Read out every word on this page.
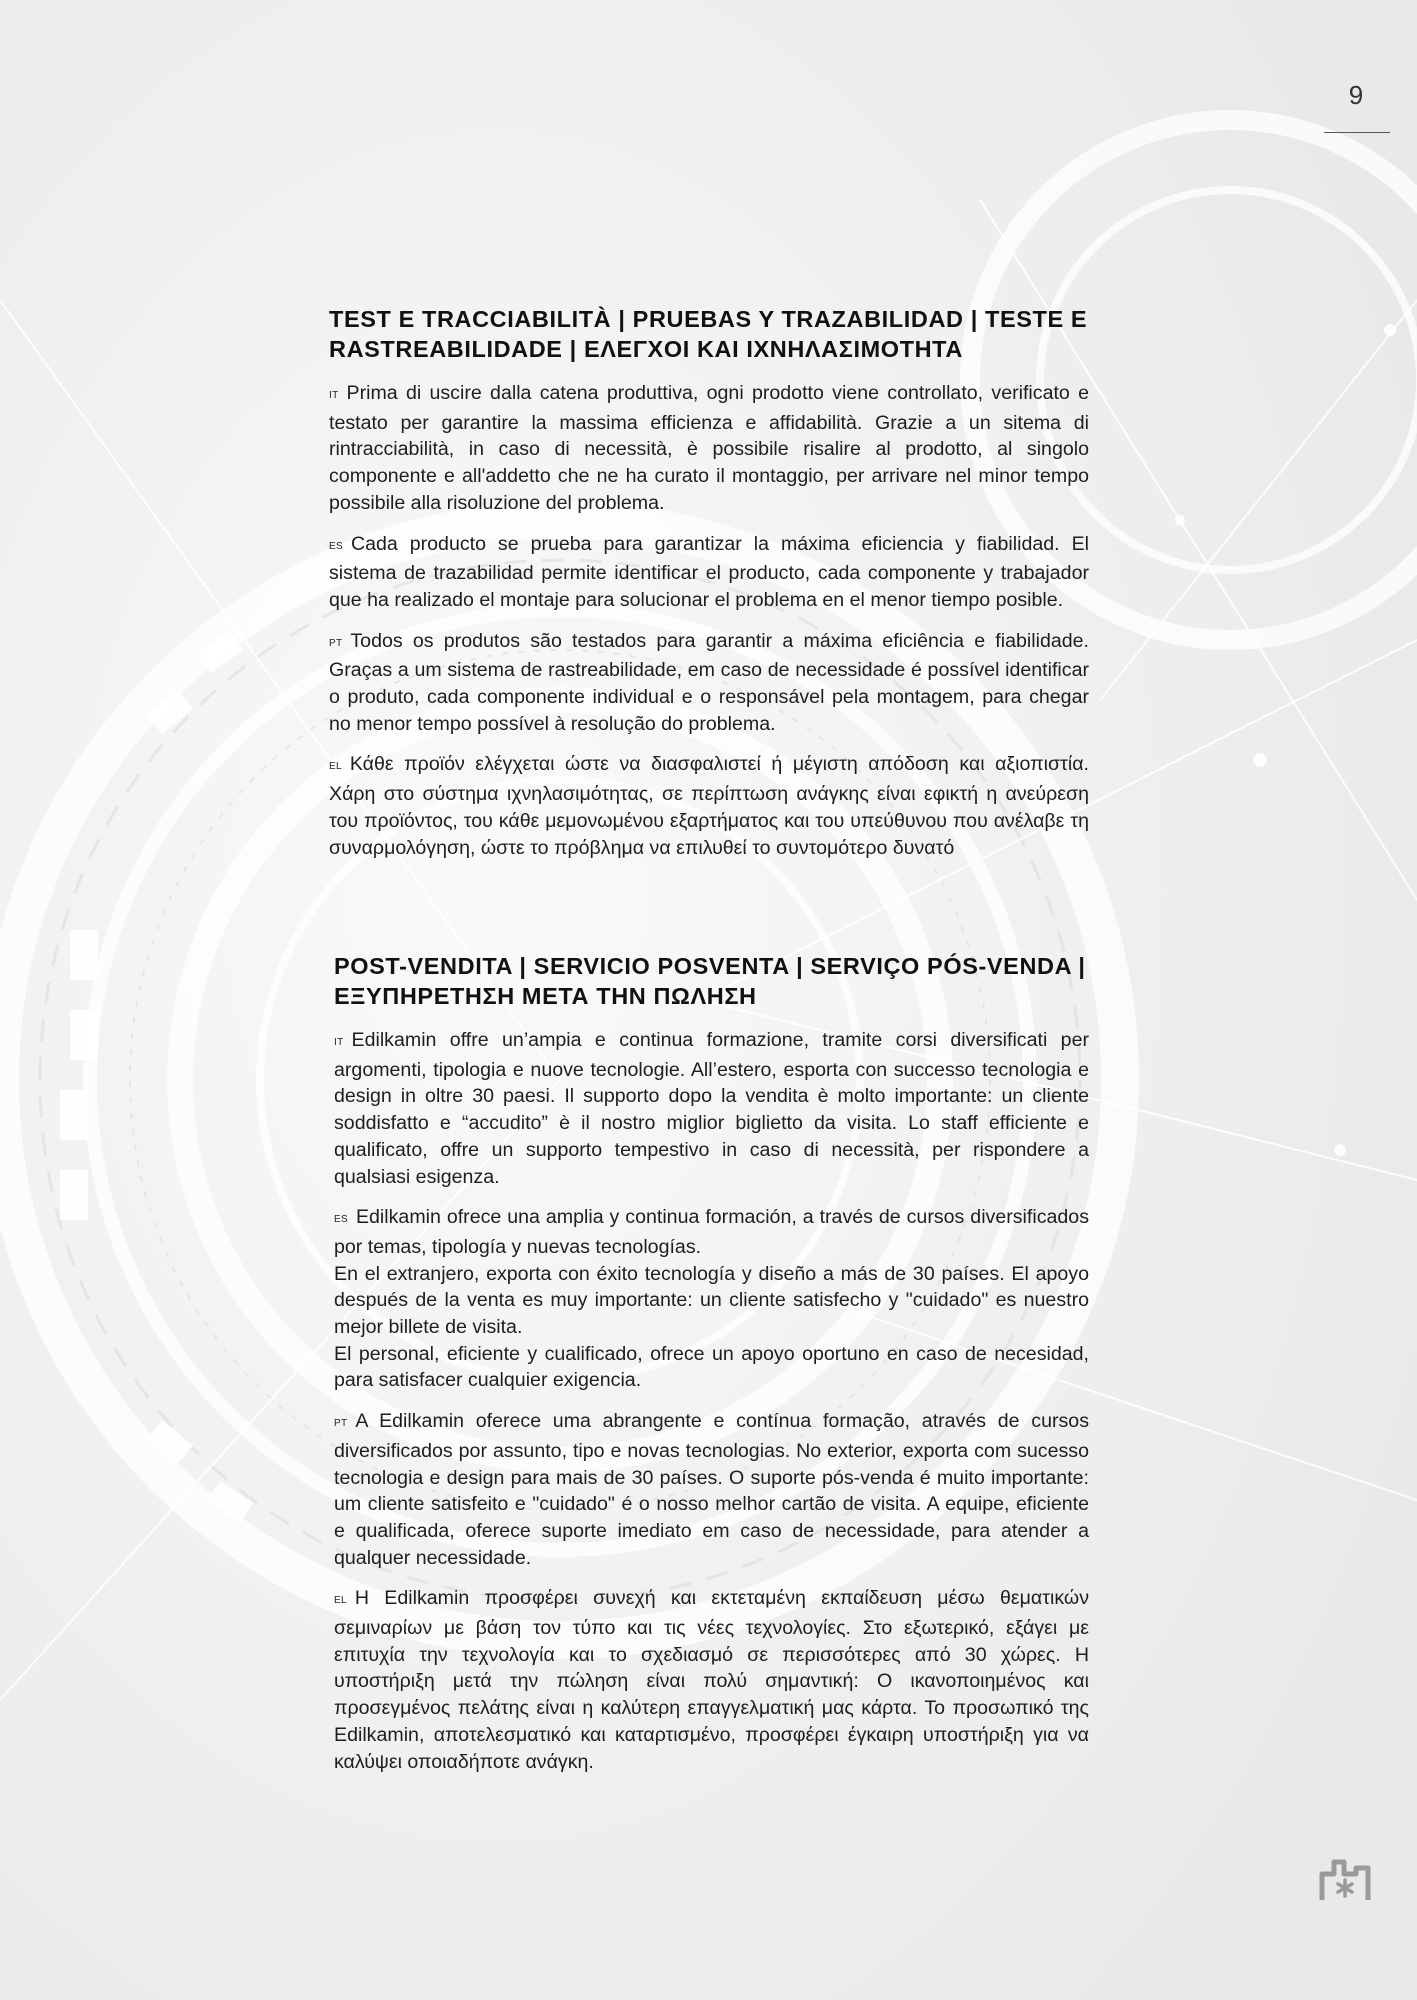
9
TEST E TRACCIABILITÀ | PRUEBAS Y TRAZABILIDAD | TESTE E RASTREABILIDADE | ΕΛΕΓΧΟΙ ΚΑΙ ΙΧΝΗΛΑΣΙΜΟΤΗΤΑ

IT Prima di uscire dalla catena produttiva, ogni prodotto viene controllato, verificato e testato per garantire la massima efficienza e affidabilità. Grazie a un sitema di rintracciabilità, in caso di necessità, è possibile risalire al prodotto, al singolo componente e all'addetto che ne ha curato il montaggio, per arrivare nel minor tempo possibile alla risoluzione del problema.

ES Cada producto se prueba para garantizar la máxima eficiencia y fiabilidad. El sistema de trazabilidad permite identificar el producto, cada componente y trabajador que ha realizado el montaje para solucionar el problema en el menor tiempo posible.

PT Todos os produtos são testados para garantir a máxima eficiência e fiabilidade. Graças a um sistema de rastreabilidade, em caso de necessidade é possível identificar o produto, cada componente individual e o responsável pela montagem, para chegar no menor tempo possível à resolução do problema.

EL Κάθε προϊόν ελέγχεται ώστε να διασφαλιστεί ή μέγιστη απόδοση και αξιοπιστία. Χάρη στο σύστημα ιχνηλασιμότητας, σε περίπτωση ανάγκης είναι εφικτή η ανεύρεση του προϊόντος, του κάθε μεμονωμένου εξαρτήματος και του υπεύθυνου που ανέλαβε τη συναρμολόγηση, ώστε το πρόβλημα να επιλυθεί το συντομότερο δυνατό

POST-VENDITA | SERVICIO POSVENTA | SERVIÇO PÓS-VENDA | ΕΞΥΠΗΡΕΤΗΣΗ ΜΕΤΑ ΤΗΝ ΠΩΛΗΣΗ

IT Edilkamin offre un’ampia e continua formazione, tramite corsi diversificati per argomenti, tipologia e nuove tecnologie. All’estero, esporta con successo tecnologia e design in oltre 30 paesi. Il supporto dopo la vendita è molto importante: un cliente soddisfatto e “accudito” è il nostro miglior biglietto da visita. Lo staff efficiente e qualificato, offre un supporto tempestivo in caso di necessità, per rispondere a qualsiasi esigenza.

ES Edilkamin ofrece una amplia y continua formación, a través de cursos diversificados por temas, tipología y nuevas tecnologías.
En el extranjero, exporta con éxito tecnología y diseño a más de 30 países. El apoyo después de la venta es muy importante: un cliente satisfecho y "cuidado" es nuestro mejor billete de visita.
El personal, eficiente y cualificado, ofrece un apoyo oportuno en caso de necesidad, para satisfacer cualquier exigencia.

PT A Edilkamin oferece uma abrangente e contínua formação, através de cursos diversificados por assunto, tipo e novas tecnologias. No exterior, exporta com sucesso tecnologia e design para mais de 30 países. O suporte pós-venda é muito importante: um cliente satisfeito e "cuidado" é o nosso melhor cartão de visita. A equipe, eficiente e qualificada, oferece suporte imediato em caso de necessidade, para atender a qualquer necessidade.

EL Η Edilkamin προσφέρει συνεχή και εκτεταμένη εκπαίδευση μέσω θεματικών σεμιναρίων με βάση τον τύπο και τις νέες τεχνολογίες. Στο εξωτερικό, εξάγει με επιτυχία την τεχνολογία και το σχεδιασμό σε περισσότερες από 30 χώρες. Η υποστήριξη μετά την πώληση είναι πολύ σημαντική: Ο ικανοποιημένος και προσεγμένος πελάτης είναι η καλύτερη επαγγελματική μας κάρτα. Το προσωπικό της Edilkamin, αποτελεσματικό και καταρτισμένο, προσφέρει έγκαιρη υποστήριξη για να καλύψει οποιαδήποτε ανάγκη.
